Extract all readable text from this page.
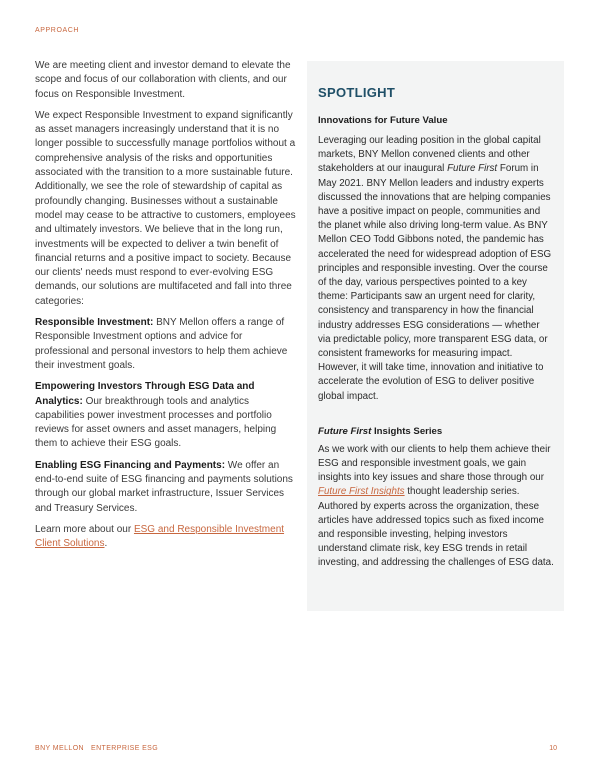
APPROACH

We are meeting client and investor demand to elevate the scope and focus of our collaboration with clients, and our focus on Responsible Investment.

We expect Responsible Investment to expand significantly as asset managers increasingly understand that it is no longer possible to successfully manage portfolios without a comprehensive analysis of the risks and opportunities associated with the transition to a more sustainable future. Additionally, we see the role of stewardship of capital as profoundly changing. Businesses without a sustainable model may cease to be attractive to customers, employees and ultimately investors. We believe that in the long run, investments will be expected to deliver a twin benefit of financial returns and a positive impact to society. Because our clients' needs must respond to ever-evolving ESG demands, our solutions are multifaceted and fall into three categories:

Responsible Investment: BNY Mellon offers a range of Responsible Investment options and advice for professional and personal investors to help them achieve their investment goals.

Empowering Investors Through ESG Data and Analytics: Our breakthrough tools and analytics capabilities power investment processes and portfolio reviews for asset owners and asset managers, helping them to achieve their ESG goals.

Enabling ESG Financing and Payments: We offer an end-to-end suite of ESG financing and payments solutions through our global market infrastructure, Issuer Services and Treasury Services.

Learn more about our ESG and Responsible Investment Client Solutions.

SPOTLIGHT
Innovations for Future Value

Leveraging our leading position in the global capital markets, BNY Mellon convened clients and other stakeholders at our inaugural Future First Forum in May 2021. BNY Mellon leaders and industry experts discussed the innovations that are helping companies have a positive impact on people, communities and the planet while also driving long-term value. As BNY Mellon CEO Todd Gibbons noted, the pandemic has accelerated the need for widespread adoption of ESG principles and responsible investing. Over the course of the day, various perspectives pointed to a key theme: Participants saw an urgent need for clarity, consistency and transparency in how the financial industry addresses ESG considerations — whether via predictable policy, more transparent ESG data, or consistent frameworks for measuring impact. However, it will take time, innovation and initiative to accelerate the evolution of ESG to deliver positive global impact.

Future First Insights Series

As we work with our clients to help them achieve their ESG and responsible investment goals, we gain insights into key issues and share those through our Future First Insights thought leadership series. Authored by experts across the organization, these articles have addressed topics such as fixed income and responsible investing, helping investors understand climate risk, key ESG trends in retail investing, and addressing the challenges of ESG data.

BNY MELLON   ENTERPRISE ESG	10
